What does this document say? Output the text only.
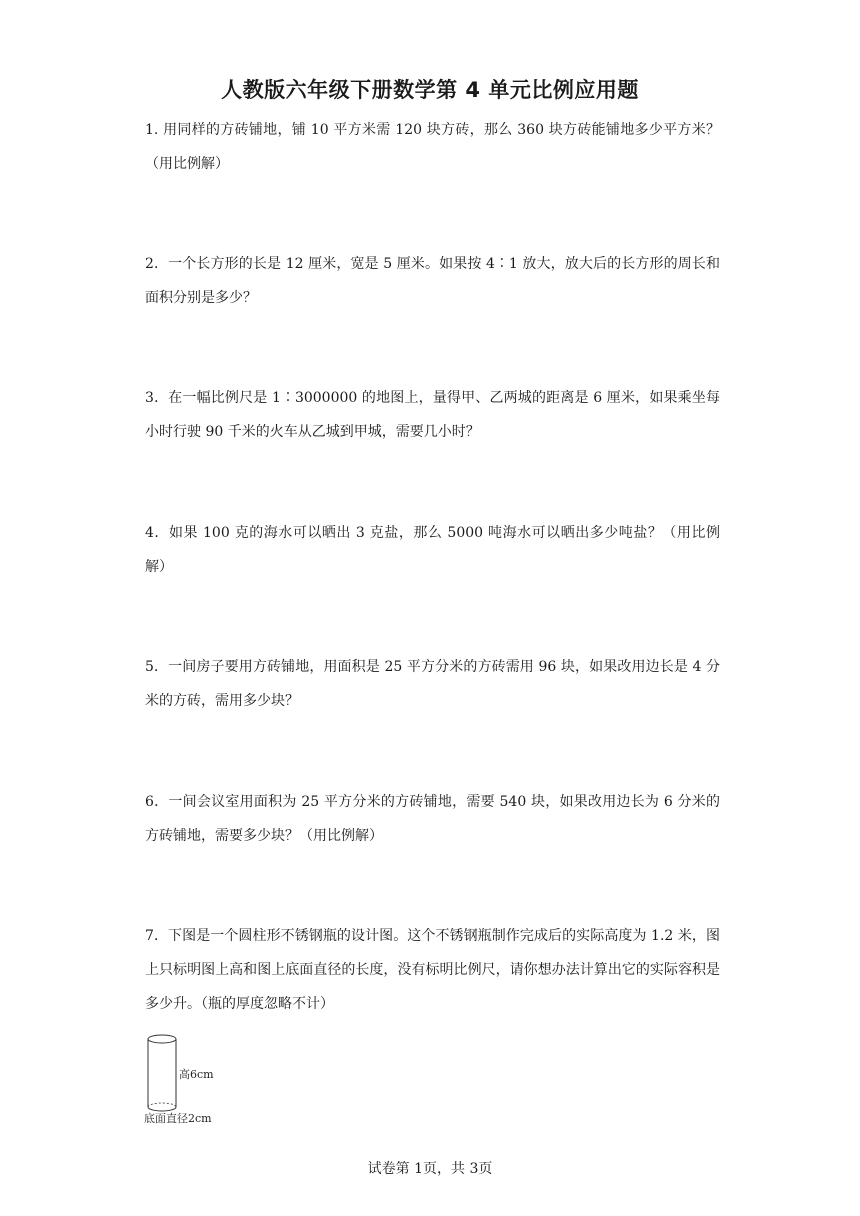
人教版六年级下册数学第 4 单元比例应用题

1. 用同样的方砖铺地，铺 10 平方米需 120 块方砖，那么 360 块方砖能铺地多少平方米？（用比例解）

2．一个长方形的长是 12 厘米，宽是 5 厘米。如果按 4∶1 放大，放大后的长方形的周长和面积分别是多少？

3．在一幅比例尺是 1∶3000000 的地图上，量得甲、乙两城的距离是 6 厘米，如果乘坐每小时行驶 90 千米的火车从乙城到甲城，需要几小时？

4．如果 100 克的海水可以晒出 3 克盐，那么 5000 吨海水可以晒出多少吨盐？（用比例解）

5．一间房子要用方砖铺地，用面积是 25 平方分米的方砖需用 96 块，如果改用边长是 4 分米的方砖，需用多少块？

6．一间会议室用面积为 25 平方分米的方砖铺地，需要 540 块，如果改用边长为 6 分米的方砖铺地，需要多少块？（用比例解）

7．下图是一个圆柱形不锈钢瓶的设计图。这个不锈钢瓶制作完成后的实际高度为 1.2 米，图上只标明图上高和图上底面直径的长度，没有标明比例尺，请你想办法计算出它的实际容积是多少升。（瓶的厚度忽略不计）

高6cm
底面直径2cm
试卷第 1页，共 3页
